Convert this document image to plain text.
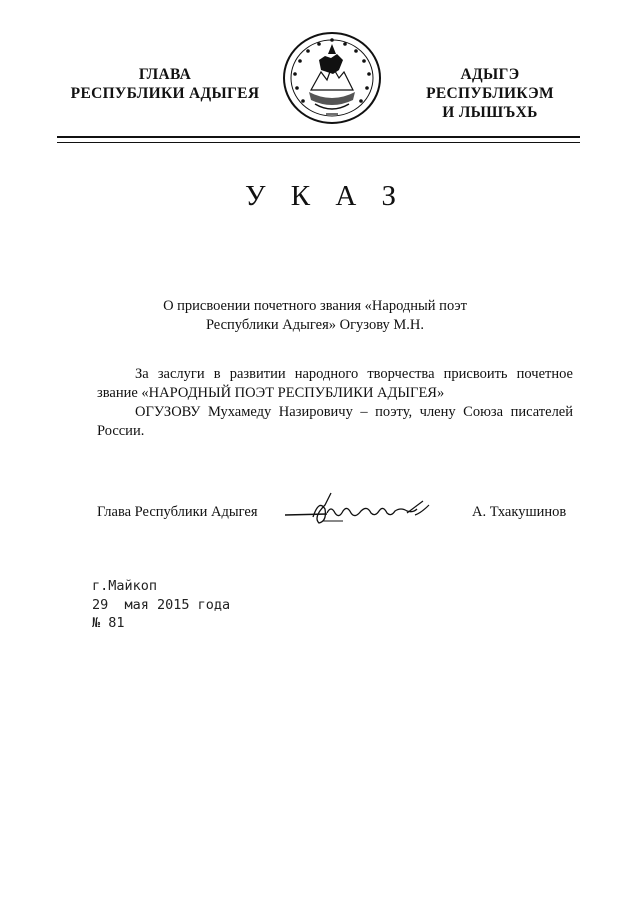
ГЛАВА
РЕСПУБЛИКИ АДЫГЕЯ
АДЫГЭ РЕСПУБЛИКЭМ
И ЛЫШЪХЬ
У К А З
О присвоении почетного звания «Народный поэт
Республики Адыгея» Огузову М.Н.
За заслуги в развитии народного творчества присвоить почетное
звание «НАРОДНЫЙ ПОЭТ РЕСПУБЛИКИ АДЫГЕЯ»
ОГУЗОВУ Мухамеду Назировичу – поэту, члену Союза писателей
России.
Глава Республики Адыгея	А. Тхакушинов
г.Майкоп
29  мая 2015 года
№ 81
